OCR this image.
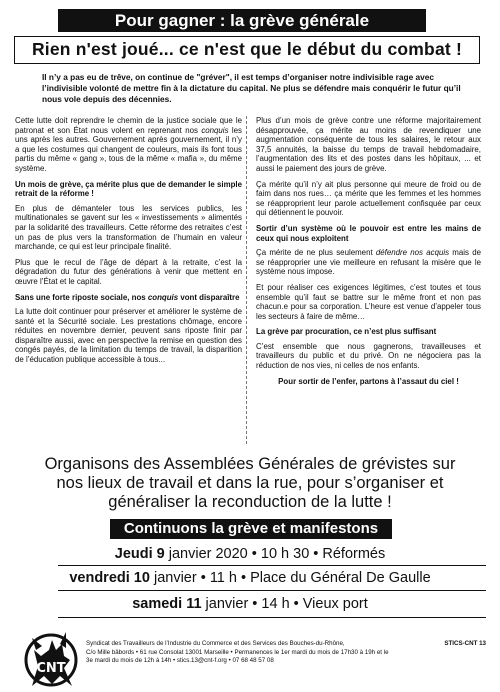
Pour gagner : la grève générale
Rien n'est joué... ce n'est que le début du combat !
Il n’y a pas eu de trêve, on continue de "gréver", il est temps d’organiser notre indivisible rage avec l’indivisible volonté de mettre fin à la dictature du capital. Ne plus se défendre mais conquérir le futur qu’il nous vole depuis des décennies.

Cette lutte doit reprendre le chemin de la justice sociale que le patronat et son État nous volent en reprenant nos conquis les uns après les autres. Gouvernement après gouvernement, il n’y a que les costumes qui changent de couleurs, mais ils font tous partis du même « gang », tous de la même « mafia », du même système.

Un mois de grève, ça mérite plus que de demander le simple retrait de la réforme !

En plus de démanteler tous les services publics, les multinationales se gavent sur les « investissements » alimentés par la solidarité des travailleurs. Cette réforme des retraites c’est un pas de plus vers la transformation de l’humain en valeur marchande, ce qui est leur principale finalité.

Plus que le recul de l’âge de départ à la retraite, c’est la dégradation du futur des générations à venir que mettent en œuvre l’État et le capital.

Sans une forte riposte sociale, nos conquis vont disparaître

La lutte doit continuer pour préserver et améliorer le système de santé et la Sécurité sociale. Les prestations chômage, encore réduites en novembre dernier, peuvent sans riposte finir par disparaître aussi, avec en perspective la remise en question des congés payés, de la limitation du temps de travail, la disparition de l’éducation publique accessible à tous...

Plus d’un mois de grève contre une réforme majoritairement désapprouvée, ça mérite au moins de revendiquer une augmentation conséquente de tous les salaires, le retour aux 37,5 annuités, la baisse du temps de travail hebdomadaire, l’augmentation des lits et des postes dans les hôpitaux, ... et aussi le paiement des jours de grève.

Ça mérite qu’il n’y ait plus personne qui meure de froid ou de faim dans nos rues… ça mérite que les femmes et les hommes se réapproprient leur parole actuellement confisquée par ceux qui détiennent le pouvoir.

Sortir d’un système où le pouvoir est entre les mains de ceux qui nous exploitent

Ça mérite de ne plus seulement défendre nos acquis mais de se réapproprier une vie meilleure en refusant la misère que le système nous impose.

Et pour réaliser ces exigences légitimes, c’est toutes et tous ensemble qu’il faut se battre sur le même front et non pas chacun.e pour sa corporation. L’heure est venue d’appeler tous les secteurs à faire de même…

La grève par procuration, ce n’est plus suffisant

C’est ensemble que nous gagnerons, travailleuses et travailleurs du public et du privé. On ne négociera pas la réduction de nos vies, ni celles de nos enfants.

Pour sortir de l’enfer, partons à l’assaut du ciel !

Organisons des Assemblées Générales de grévistes sur nos lieux de travail et dans la rue, pour s’organiser et généraliser la reconduction de la lutte !
Continuons la grève et manifestons
Jeudi 9 janvier 2020 • 10 h 30 • Réformés
vendredi 10 janvier • 11 h • Place du Général De Gaulle
samedi 11 janvier • 14 h • Vieux port
CNT
Syndicat des Travailleurs de l’Industrie du Commerce et des Services des Bouches-du-Rhône,	STICS-CNT 13
C/o Mille bâbords • 61 rue Consolat 13001 Marseille • Permanences le 1er mardi du mois de 17h30 à 19h et le
3e mardi du mois de 12h à 14h • stics.13@cnt-f.org • 07 68 48 57 08
